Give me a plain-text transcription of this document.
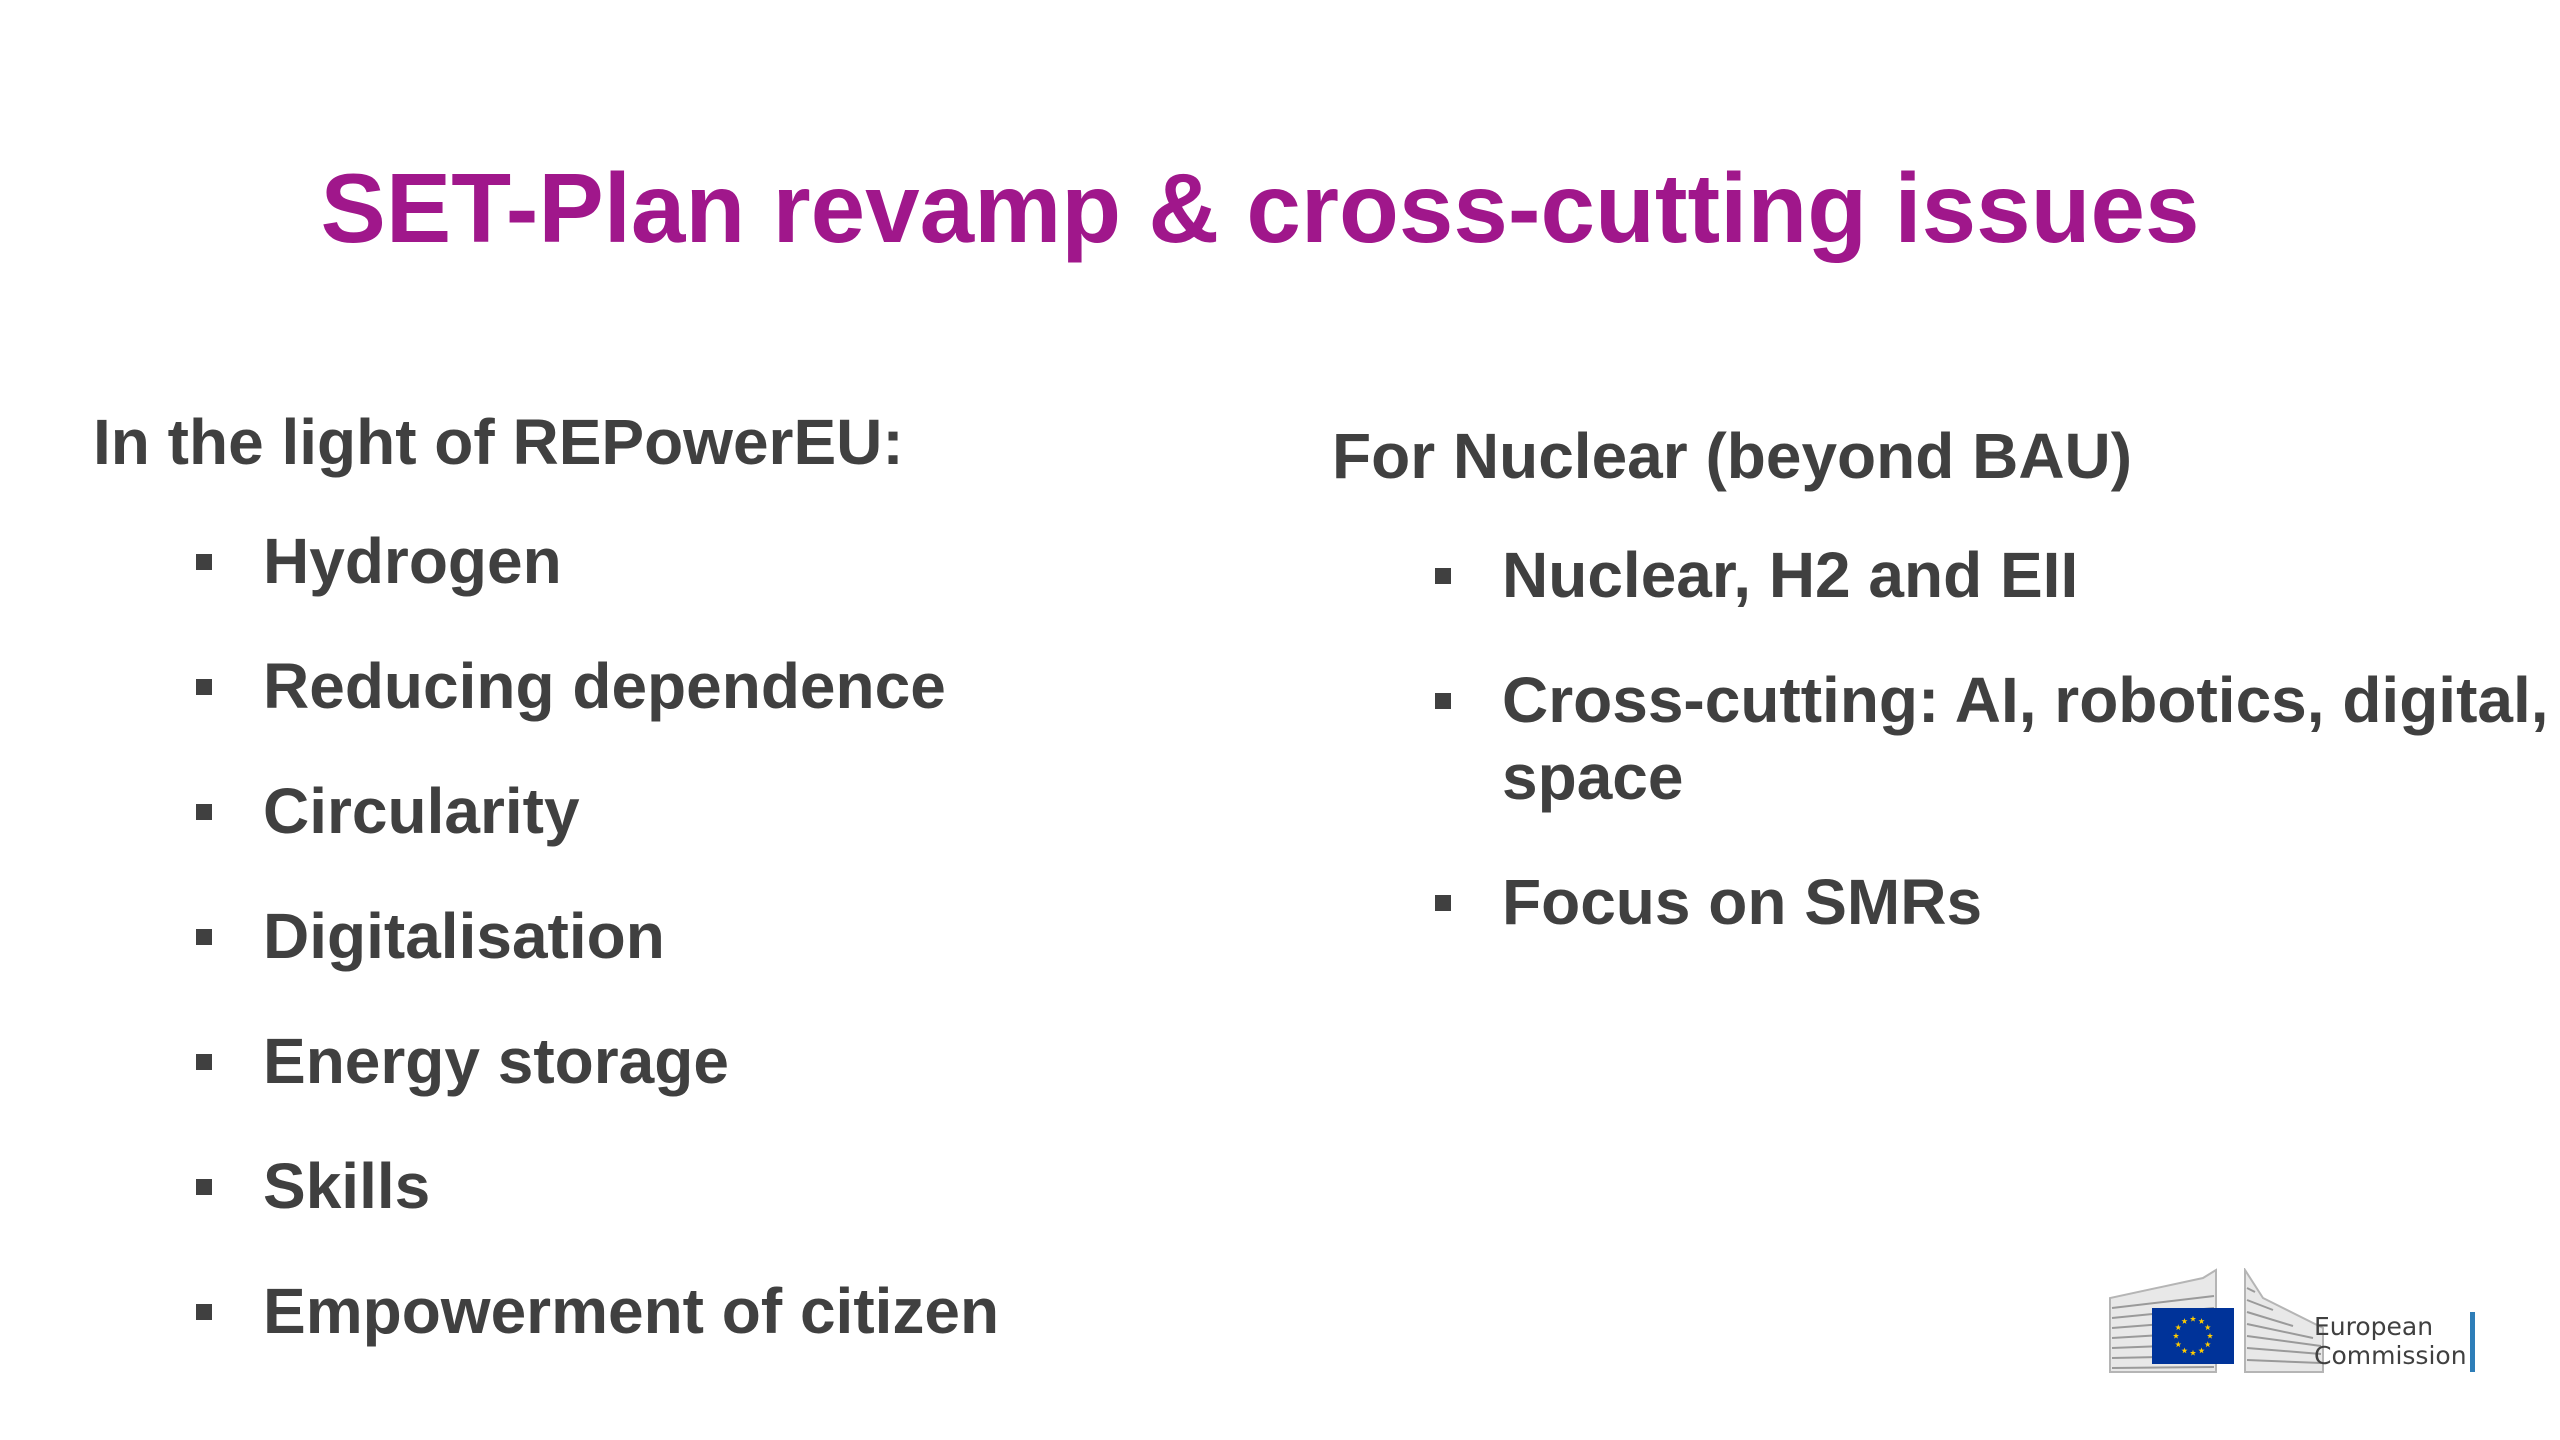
SET-Plan revamp & cross-cutting issues
In the light of REPowerEU:
Hydrogen
Reducing dependence
Circularity
Digitalisation
Energy storage
Skills
Empowerment of citizen
For Nuclear (beyond BAU)
Nuclear, H2 and EII
Cross-cutting: AI, robotics, digital, space
Focus on SMRs
European
Commission
